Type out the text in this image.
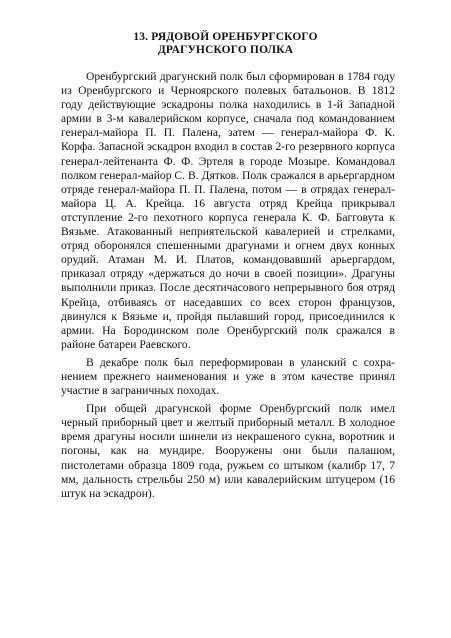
13. РЯДОВОЙ ОРЕНБУРГСКОГО
ДРАГУНСКОГО ПОЛКА

Оренбургский драгунский полк был сформирован в 1784 году из Оренбургского и Черноярского полевых батальонов. В 1812 году действующие эскадроны полка находились в 1-й Западной армии в 3-м кавалерийском корпусе, сначала под командованием генерал-майора П. П. Палена, затем — генерал-майора Ф. К. Корфа. Запасной эскадрон входил в состав 2-го резервного корпуса генерал-лейтенанта Ф. Ф. Эртеля в городе Мозыре. Командовал полком генерал-майор С. В. Дятков. Полк сражался в арьергардном отряде генерал-майора П. П. Палена, потом — в отрядах генерал-майора Ц. А. Крейца. 16 августа отряд Крейца прикрывал отступление 2-го пехотного корпуса генерала К. Ф. Багговута к Вязьме. Атакованный неприятельской кавалерией и стрелками, отряд оборонялся спешенными драгунами и огнем двух конных орудий. Атаман М. И. Платов, командовавший арьергардом, приказал отряду «держаться до ночи в своей позиции». Драгуны выполнили приказ. После десятичасового непрерывного боя отряд Крейца, отбиваясь от наседавших со всех сторон французов, двинулся к Вязьме и, пройдя пылавший город, присоединился к армии. На Бородинском поле Оренбургский полк сражался в районе батареи Раевского.

В декабре полк был переформирован в уланский с сохранением прежнего наименования и уже в этом качестве принял участие в заграничных походах.

При общей драгунской форме Оренбургский полк имел черный приборный цвет и желтый приборный металл. В холодное время драгуны носили шинели из некрашеного сукна, воротник и погоны, как на мундире. Вооружены они были палашом, пистолетами образца 1809 года, ружьем со штыком (калибр 17, 7 мм, дальность стрельбы 250 м) или кавалерийским штуцером (16 штук на эскадрон).
